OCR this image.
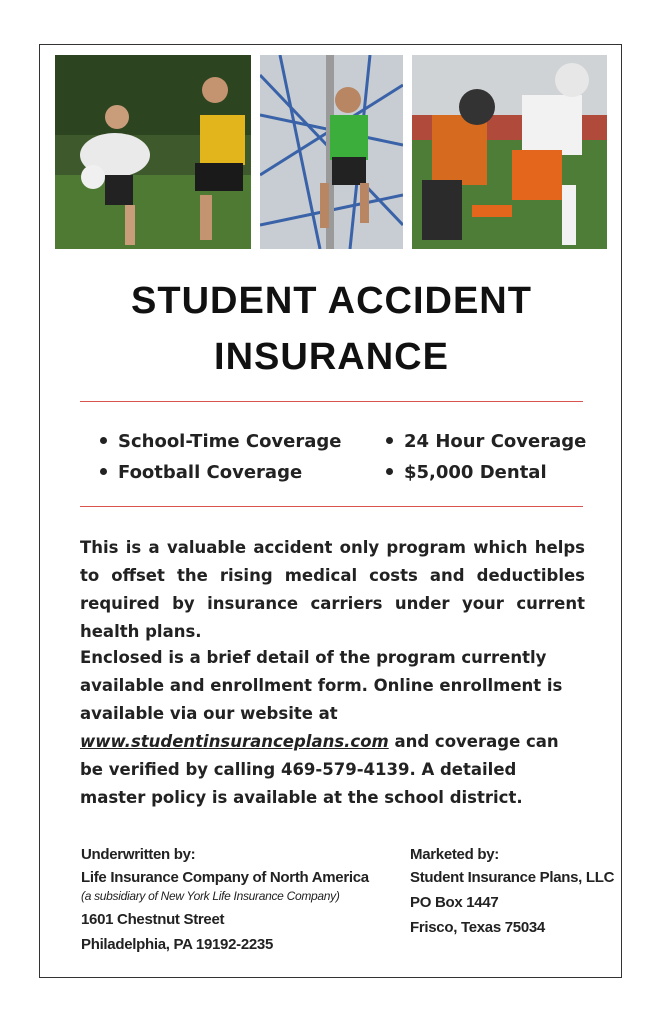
STUDENT ACCIDENT
INSURANCE
School-Time Coverage
Football Coverage
24 Hour Coverage
$5,000 Dental
This is a valuable accident only program which helps to offset the rising medical costs and deductibles required by insurance carriers under your current health plans.
Enclosed is a brief detail of the program currently available and enrollment form. Online enrollment is available via our website at www.studentinsuranceplans.com and coverage can be verified by calling 469-579-4139. A detailed master policy is available at the school district.
Underwritten by:
Life Insurance Company of North America
(a subsidiary of New York Life Insurance Company)
1601 Chestnut Street
Philadelphia, PA 19192-2235
Marketed by:
Student Insurance Plans, LLC
PO Box 1447
Frisco, Texas 75034
